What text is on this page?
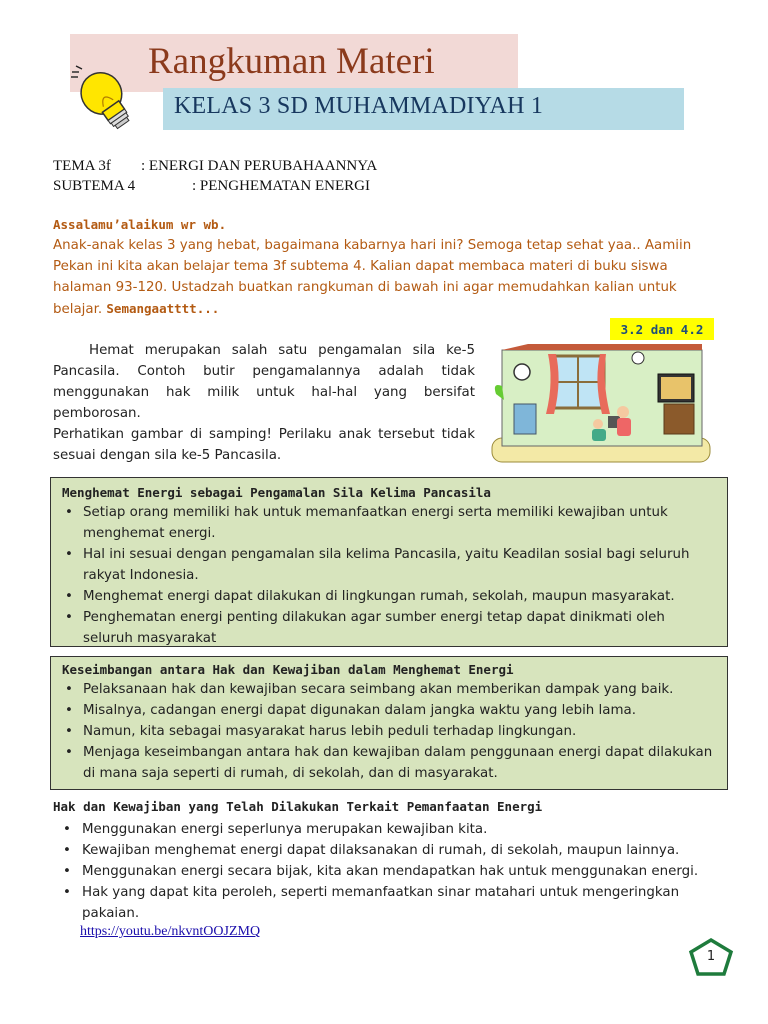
Rangkuman Materi
KELAS 3 SD MUHAMMADIYAH 1
TEMA 3f : ENERGI DAN PERUBAHAANNYA
SUBTEMA 4	: PENGHEMATAN ENERGI
Assalamu’alaikum wr wb.
Anak-anak kelas 3 yang hebat, bagaimana kabarnya hari ini? Semoga tetap sehat yaa.. Aamiin
Pekan ini kita akan belajar tema 3f subtema 4. Kalian dapat membaca materi di buku siswa
halaman 93-120. Ustadzah buatkan rangkuman di bawah ini agar memudahkan kalian untuk
belajar. Semangaatttt...
3.2 dan 4.2

Hemat merupakan salah satu pengamalan sila ke-5 Pancasila. Contoh butir pengamalannya adalah tidak menggunakan hak milik untuk hal-hal yang bersifat pemborosan.

Perhatikan gambar di samping! Perilaku anak tersebut tidak sesuai dengan sila ke-5 Pancasila.

Menghemat Energi sebagai Pengamalan Sila Kelima Pancasila
• Setiap orang memiliki hak untuk memanfaatkan energi serta memiliki kewajiban untuk menghemat energi.
• Hal ini sesuai dengan pengamalan sila kelima Pancasila, yaitu Keadilan sosial bagi seluruh rakyat Indonesia.
• Menghemat energi dapat dilakukan di lingkungan rumah, sekolah, maupun masyarakat.
• Penghematan energi penting dilakukan agar sumber energi tetap dapat dinikmati oleh seluruh masyarakat
Keseimbangan antara Hak dan Kewajiban dalam Menghemat Energi
• Pelaksanaan hak dan kewajiban secara seimbang akan memberikan dampak yang baik.
• Misalnya, cadangan energi dapat digunakan dalam jangka waktu yang lebih lama.
• Namun, kita sebagai masyarakat harus lebih peduli terhadap lingkungan.
• Menjaga keseimbangan antara hak dan kewajiban dalam penggunaan energi dapat dilakukan di mana saja seperti di rumah, di sekolah, dan di masyarakat.
Hak dan Kewajiban yang Telah Dilakukan Terkait Pemanfaatan Energi
• Menggunakan energi seperlunya merupakan kewajiban kita.
• Kewajiban menghemat energi dapat dilaksanakan di rumah, di sekolah, maupun lainnya.
• Menggunakan energi secara bijak, kita akan mendapatkan hak untuk menggunakan energi.
• Hak yang dapat kita peroleh, seperti memanfaatkan sinar matahari untuk mengeringkan pakaian.
https://youtu.be/nkvntOOJZMQ
1
